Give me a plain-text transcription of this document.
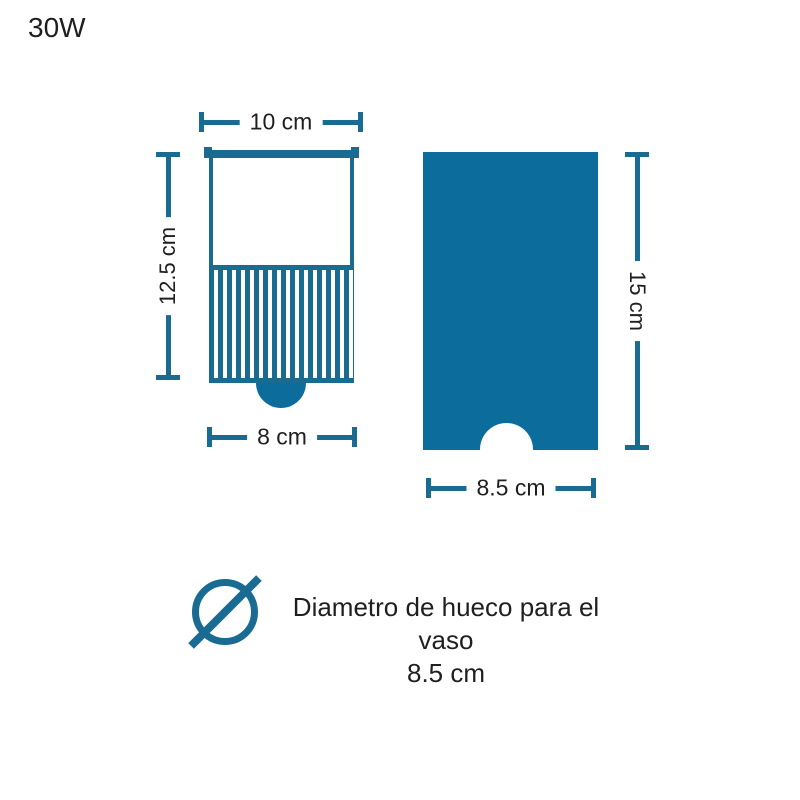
30W
10 cm
12.5 cm
8 cm
15 cm
8.5 cm
Diametro de hueco para el vaso
8.5 cm
